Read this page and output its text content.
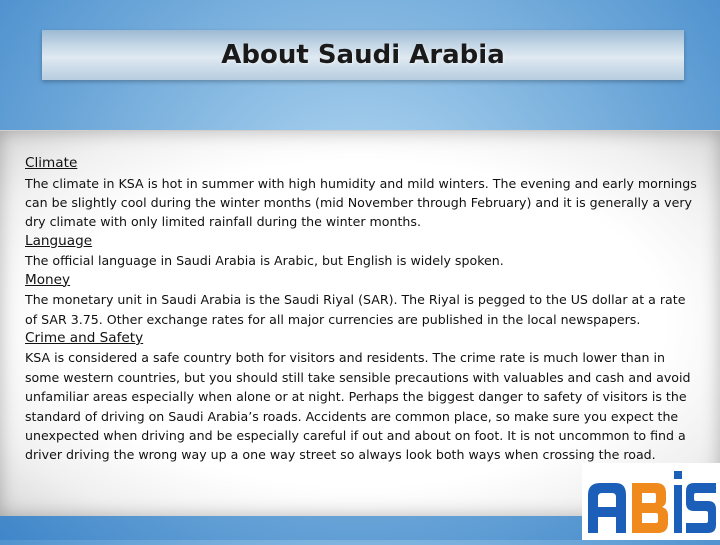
About Saudi Arabia

Climate

The climate in KSA is hot in summer with high humidity and mild winters. The evening and early mornings can be slightly cool during the winter months (mid November through February) and it is generally a very dry climate with only limited rainfall during the winter months.

Language

The official language in Saudi Arabia is Arabic, but English is widely spoken.

Money

The monetary unit in Saudi Arabia is the Saudi Riyal (SAR). The Riyal is pegged to the US dollar at a rate of SAR 3.75. Other exchange rates for all major currencies are published in the local newspapers.

Crime and Safety

KSA is considered a safe country both for visitors and residents. The crime rate is much lower than in some western countries, but you should still take sensible precautions with valuables and cash and avoid unfamiliar areas especially when alone or at night. Perhaps the biggest danger to safety of visitors is the standard of driving on Saudi Arabia’s roads. Accidents are common place, so make sure you expect the unexpected when driving and be especially careful if out and about on foot. It is not uncommon to find a driver driving the wrong way up a one way street so always look both ways when crossing the road.
